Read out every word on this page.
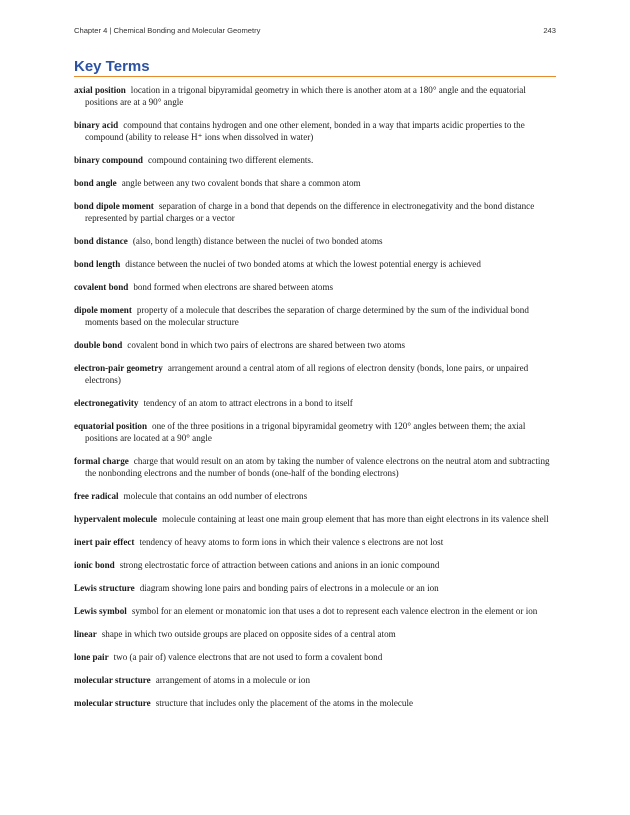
Chapter 4 | Chemical Bonding and Molecular Geometry	243
Key Terms
axial position location in a trigonal bipyramidal geometry in which there is another atom at a 180° angle and the equatorial positions are at a 90° angle
binary acid compound that contains hydrogen and one other element, bonded in a way that imparts acidic properties to the compound (ability to release H⁺ ions when dissolved in water)
binary compound compound containing two different elements.
bond angle angle between any two covalent bonds that share a common atom
bond dipole moment separation of charge in a bond that depends on the difference in electronegativity and the bond distance represented by partial charges or a vector
bond distance (also, bond length) distance between the nuclei of two bonded atoms
bond length distance between the nuclei of two bonded atoms at which the lowest potential energy is achieved
covalent bond bond formed when electrons are shared between atoms
dipole moment property of a molecule that describes the separation of charge determined by the sum of the individual bond moments based on the molecular structure
double bond covalent bond in which two pairs of electrons are shared between two atoms
electron-pair geometry arrangement around a central atom of all regions of electron density (bonds, lone pairs, or unpaired electrons)
electronegativity tendency of an atom to attract electrons in a bond to itself
equatorial position one of the three positions in a trigonal bipyramidal geometry with 120° angles between them; the axial positions are located at a 90° angle
formal charge charge that would result on an atom by taking the number of valence electrons on the neutral atom and subtracting the nonbonding electrons and the number of bonds (one-half of the bonding electrons)
free radical molecule that contains an odd number of electrons
hypervalent molecule molecule containing at least one main group element that has more than eight electrons in its valence shell
inert pair effect tendency of heavy atoms to form ions in which their valence s electrons are not lost
ionic bond strong electrostatic force of attraction between cations and anions in an ionic compound
Lewis structure diagram showing lone pairs and bonding pairs of electrons in a molecule or an ion
Lewis symbol symbol for an element or monatomic ion that uses a dot to represent each valence electron in the element or ion
linear shape in which two outside groups are placed on opposite sides of a central atom
lone pair two (a pair of) valence electrons that are not used to form a covalent bond
molecular structure arrangement of atoms in a molecule or ion
molecular structure structure that includes only the placement of the atoms in the molecule
